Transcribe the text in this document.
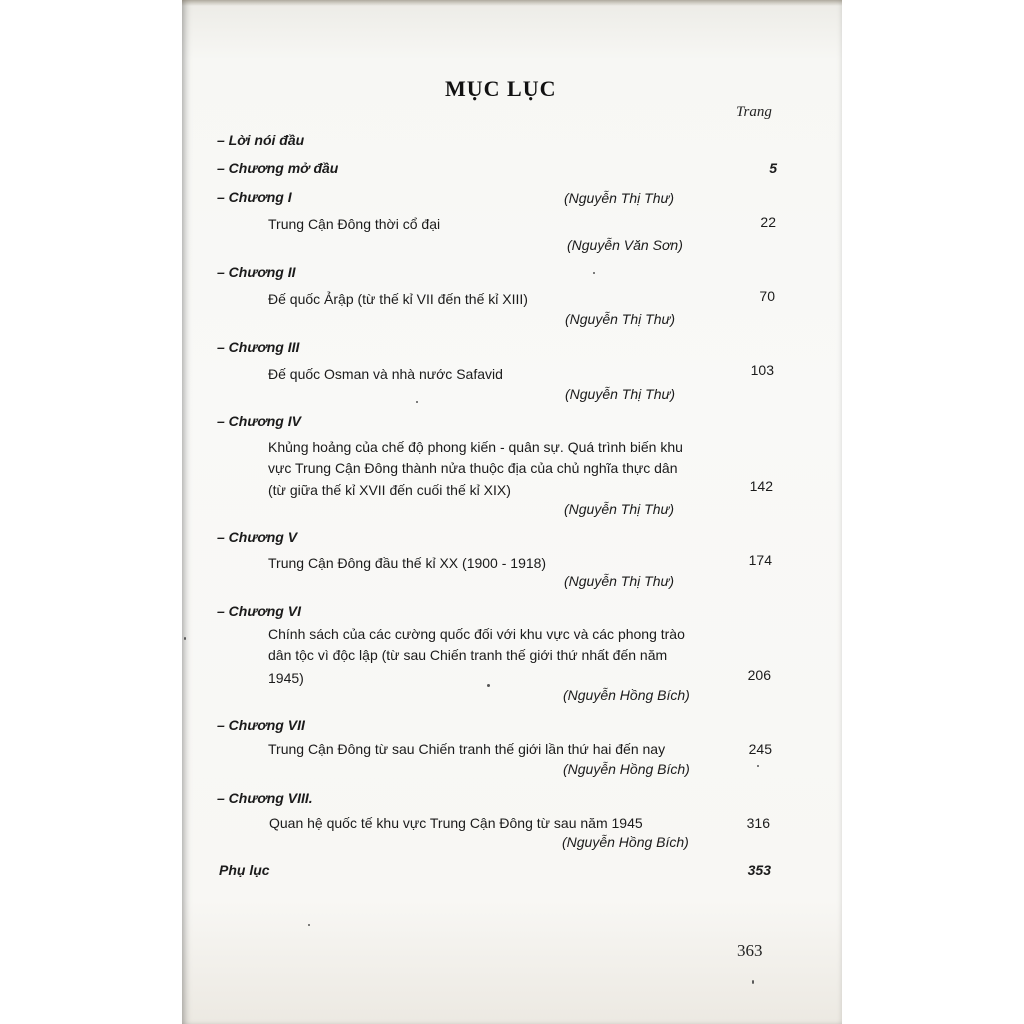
MỤC LỤC
Trang
– Lời nói đầu
– Chương mở đầu	5
– Chương I	(Nguyễn Thị Thư)
Trung Cận Đông thời cổ đại	22
(Nguyễn Văn Sơn)
– Chương II
Đế quốc Ảrập (từ thế kỉ VII đến thế kỉ XIII)	70
(Nguyễn Thị Thư)
– Chương III
Đế quốc Osman và nhà nước Safavid	103
(Nguyễn Thị Thư)
– Chương IV
Khủng hoảng của chế độ phong kiến - quân sự. Quá trình biến khu
vực Trung Cận Đông thành nửa thuộc địa của chủ nghĩa thực dân
(từ giữa thế kỉ XVII đến cuối thế kỉ XIX)	142
(Nguyễn Thị Thư)
– Chương V
Trung Cận Đông đầu thế kỉ XX (1900 - 1918)	174
(Nguyễn Thị Thư)
– Chương VI
Chính sách của các cường quốc đối với khu vực và các phong trào
dân tộc vì độc lập (từ sau Chiến tranh thế giới thứ nhất đến năm
1945)	206
(Nguyễn Hồng Bích)
– Chương VII
Trung Cận Đông từ sau Chiến tranh thế giới lần thứ hai đến nay	245
(Nguyễn Hồng Bích)
– Chương VIII.
Quan hệ quốc tế khu vực Trung Cận Đông từ sau năm 1945	316
(Nguyễn Hồng Bích)
Phụ lục	353
363
